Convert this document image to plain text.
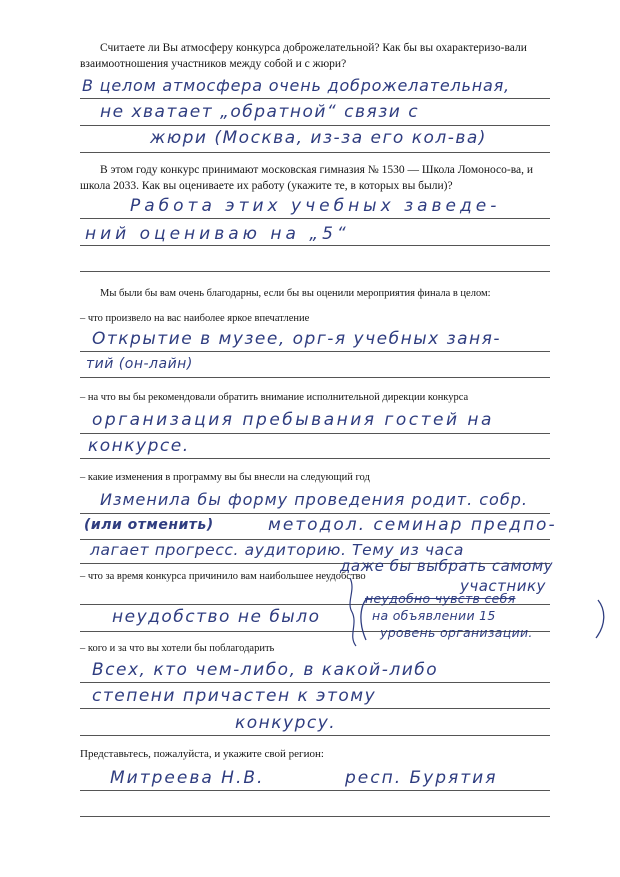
Считаете ли Вы атмосферу конкурса доброжелательной? Как бы вы охарактеризо-вали взаимоотношения участников между собой и с жюри?
В целом атмосфера очень доброжелательная,
не хватает „обратной“ связи с
жюри (Москва, из-за его кол-ва)
В этом году конкурс принимают московская гимназия № 1530 — Школа Ломоносо-ва, и школа 2033. Как вы оцениваете их работу (укажите те, в которых вы были)?
Работа этих учебных заведе-
ний оцениваю на „5“
Мы были бы вам очень благодарны, если бы вы оценили мероприятия финала в целом:
– что произвело на вас наиболее яркое впечатление
Открытие в музее, орг-я учебных заня-
тий (он-лайн)
– на что вы бы рекомендовали обратить внимание исполнительной дирекции конкурса
организация пребывания гостей на
конкурсе.
– какие изменения в программу вы бы внесли на следующий год
Изменила бы форму проведения родит. собр.
(или отменить)	методол. семинар предпо-
лагает прогресс. аудиторию. Тему из часа
даже бы выбрать самому
участнику
– что за время конкурса причинило вам наибольшее неудобство
неудобство не было
неудобно чувств себя
на объявлении 15
уровень организации.
– кого и за что вы хотели бы поблагодарить
Всех, кто чем-либо, в какой-либо
степени причастен к этому
конкурсу.
Представьтесь, пожалуйста, и укажите свой регион:
Митреева Н.В.	респ. Бурятия
